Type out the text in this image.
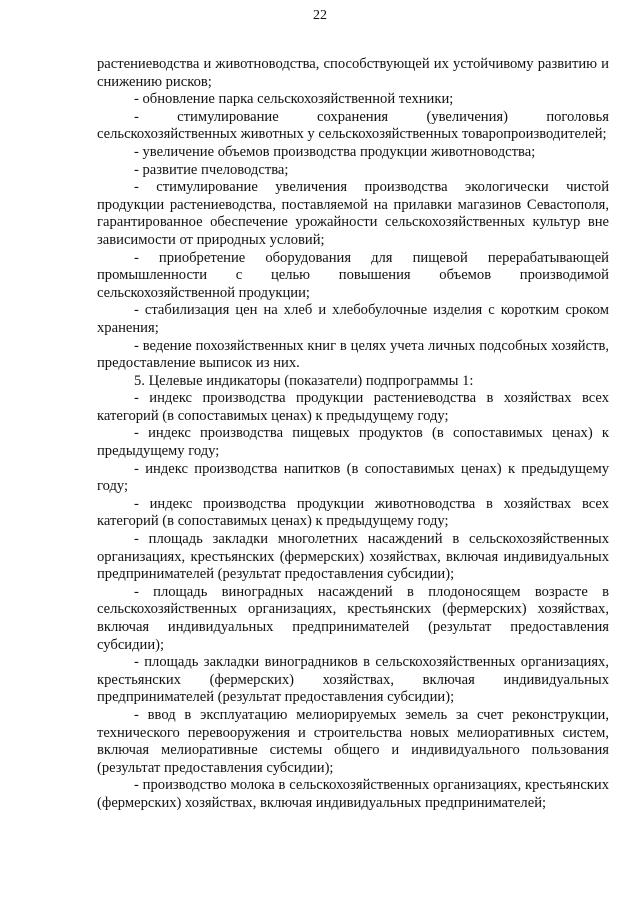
22

растениеводства и животноводства, способствующей их устойчивому развитию и снижению рисков;

- обновление парка сельскохозяйственной техники;

- стимулирование сохранения (увеличения) поголовья сельскохозяйственных животных у сельскохозяйственных товаропроизводителей;

- увеличение объемов производства продукции животноводства;

- развитие пчеловодства;

- стимулирование увеличения производства экологически чистой продукции растениеводства, поставляемой на прилавки магазинов Севастополя, гарантированное обеспечение урожайности сельскохозяйственных культур вне зависимости от природных условий;

- приобретение оборудования для пищевой перерабатывающей промышленности с целью повышения объемов производимой сельскохозяйственной продукции;

- стабилизация цен на хлеб и хлебобулочные изделия с коротким сроком хранения;

- ведение похозяйственных книг в целях учета личных подсобных хозяйств, предоставление выписок из них.

5. Целевые индикаторы (показатели) подпрограммы 1:

- индекс производства продукции растениеводства в хозяйствах всех категорий (в сопоставимых ценах) к предыдущему году;

- индекс производства пищевых продуктов (в сопоставимых ценах) к предыдущему году;

- индекс производства напитков (в сопоставимых ценах) к предыдущему году;

- индекс производства продукции животноводства в хозяйствах всех категорий (в сопоставимых ценах) к предыдущему году;

- площадь закладки многолетних насаждений в сельскохозяйственных организациях, крестьянских (фермерских) хозяйствах, включая индивидуальных предпринимателей (результат предоставления субсидии);

- площадь виноградных насаждений в плодоносящем возрасте в сельскохозяйственных организациях, крестьянских (фермерских) хозяйствах, включая индивидуальных предпринимателей (результат предоставления субсидии);

- площадь закладки виноградников в сельскохозяйственных организациях, крестьянских (фермерских) хозяйствах, включая индивидуальных предпринимателей (результат предоставления субсидии);

- ввод в эксплуатацию мелиорируемых земель за счет реконструкции, технического перевооружения и строительства новых мелиоративных систем, включая мелиоративные системы общего и индивидуального пользования (результат предоставления субсидии);

- производство молока в сельскохозяйственных организациях, крестьянских (фермерских) хозяйствах, включая индивидуальных предпринимателей;
